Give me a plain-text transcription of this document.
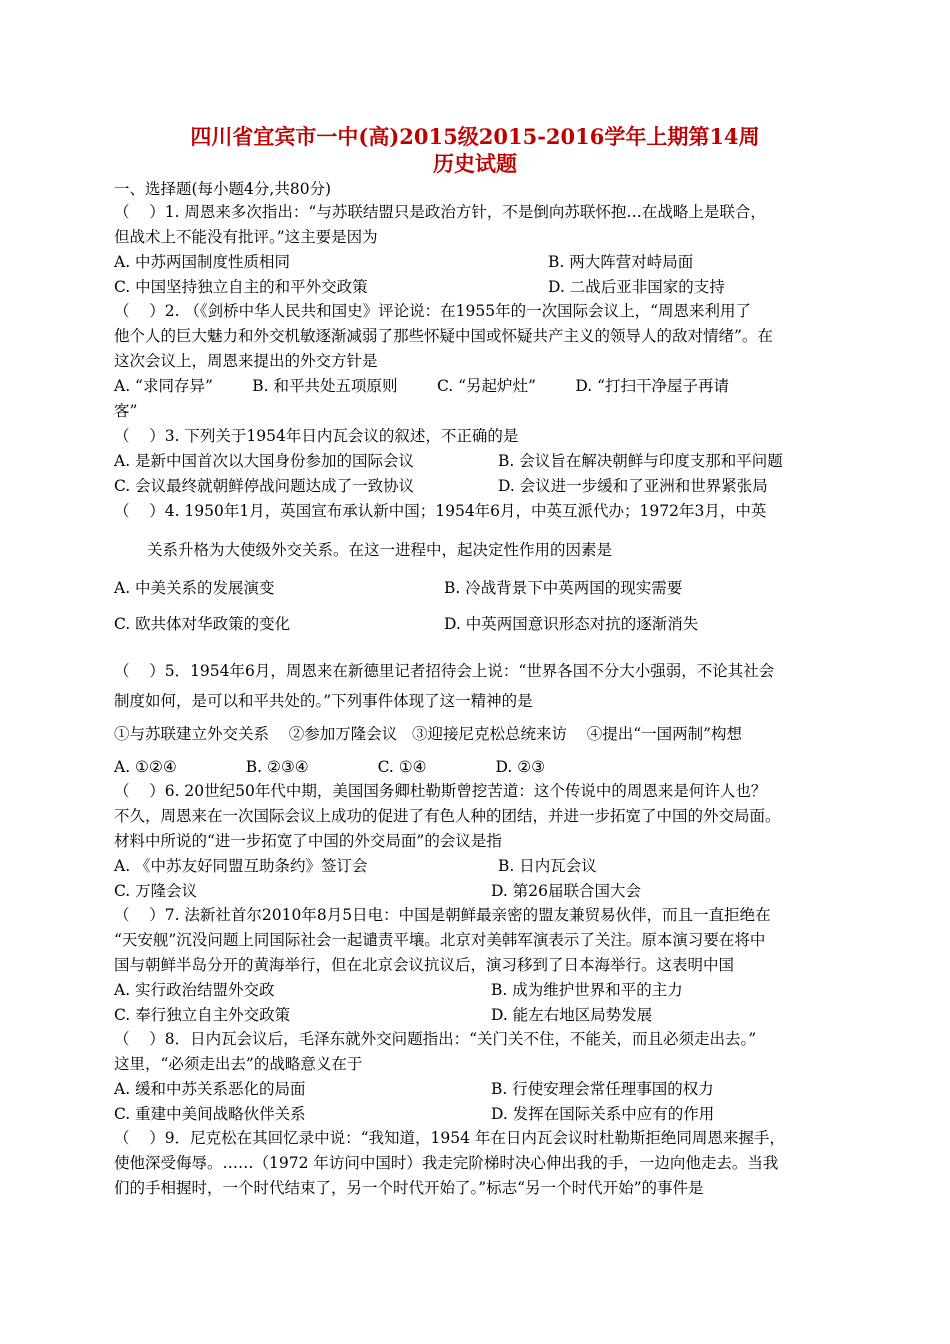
四川省宜宾市一中(高)2015级2015-2016学年上期第14周
历史试题
一、选择题(每小题4分,共80分)
（    ）1. 周恩来多次指出：“与苏联结盟只是政治方针，不是倒向苏联怀抱…在战略上是联合，
但战术上不能没有批评。”这主要是因为
A. 中苏两国制度性质相同	B. 两大阵营对峙局面
C. 中国坚持独立自主的和平外交政策	D. 二战后亚非国家的支持
（    ）2. （《剑桥中华人民共和国史》评论说：在1955年的一次国际会议上，“周恩来利用了
他个人的巨大魅力和外交机敏逐渐减弱了那些怀疑中国或怀疑共产主义的领导人的敌对情绪”。在
这次会议上，周恩来提出的外交方针是
A. “求同存异”        B. 和平共处五项原则        C. “另起炉灶”        D. “打扫干净屋子再请
客”
（    ）3. 下列关于1954年日内瓦会议的叙述，不正确的是
A. 是新中国首次以大国身份参加的国际会议	B. 会议旨在解决朝鲜与印度支那和平问题
C. 会议最终就朝鲜停战问题达成了一致协议	D. 会议进一步缓和了亚洲和世界紧张局
（    ）4. 1950年1月，英国宣布承认新中国；1954年6月，中英互派代办；1972年3月，中英
关系升格为大使级外交关系。在这一进程中，起决定性作用的因素是
A. 中美关系的发展演变	B. 冷战背景下中英两国的现实需要
C. 欧共体对华政策的变化	D. 中英两国意识形态对抗的逐渐消失
（    ）5．1954年6月，周恩来在新德里记者招待会上说：“世界各国不分大小强弱，不论其社会
制度如何，是可以和平共处的。”下列事件体现了这一精神的是
①与苏联建立外交关系    ②参加万隆会议   ③迎接尼克松总统来访    ④提出“一国两制”构想
A. ①②④              B. ②③④              C. ①④              D. ②③
（    ）6. 20世纪50年代中期，美国国务卿杜勒斯曾挖苦道：这个传说中的周恩来是何许人也？
不久，周恩来在一次国际会议上成功的促进了有色人种的团结，并进一步拓宽了中国的外交局面。
材料中所说的“进一步拓宽了中国的外交局面”的会议是指
A. 《中苏友好同盟互助条约》签订会	B. 日内瓦会议
C. 万隆会议	D. 第26届联合国大会
（    ）7. 法新社首尔2010年8月5日电：中国是朝鲜最亲密的盟友兼贸易伙伴，而且一直拒绝在
“天安舰”沉没问题上同国际社会一起谴责平壤。北京对美韩军演表示了关注。原本演习要在将中
国与朝鲜半岛分开的黄海举行，但在北京会议抗议后，演习移到了日本海举行。这表明中国
A. 实行政治结盟外交政	B. 成为维护世界和平的主力
C. 奉行独立自主外交政策	D. 能左右地区局势发展
（    ）8．日内瓦会议后，毛泽东就外交问题指出：“关门关不住，不能关，而且必须走出去。”
这里，“必须走出去”的战略意义在于
A. 缓和中苏关系恶化的局面	B. 行使安理会常任理事国的权力
C. 重建中美间战略伙伴关系	D. 发挥在国际关系中应有的作用
（    ）9．尼克松在其回忆录中说：“我知道，1954 年在日内瓦会议时杜勒斯拒绝同周恩来握手，
使他深受侮辱。……（1972 年访问中国时）我走完阶梯时决心伸出我的手，一边向他走去。当我
们的手相握时，一个时代结束了，另一个时代开始了。”标志“另一个时代开始”的事件是
